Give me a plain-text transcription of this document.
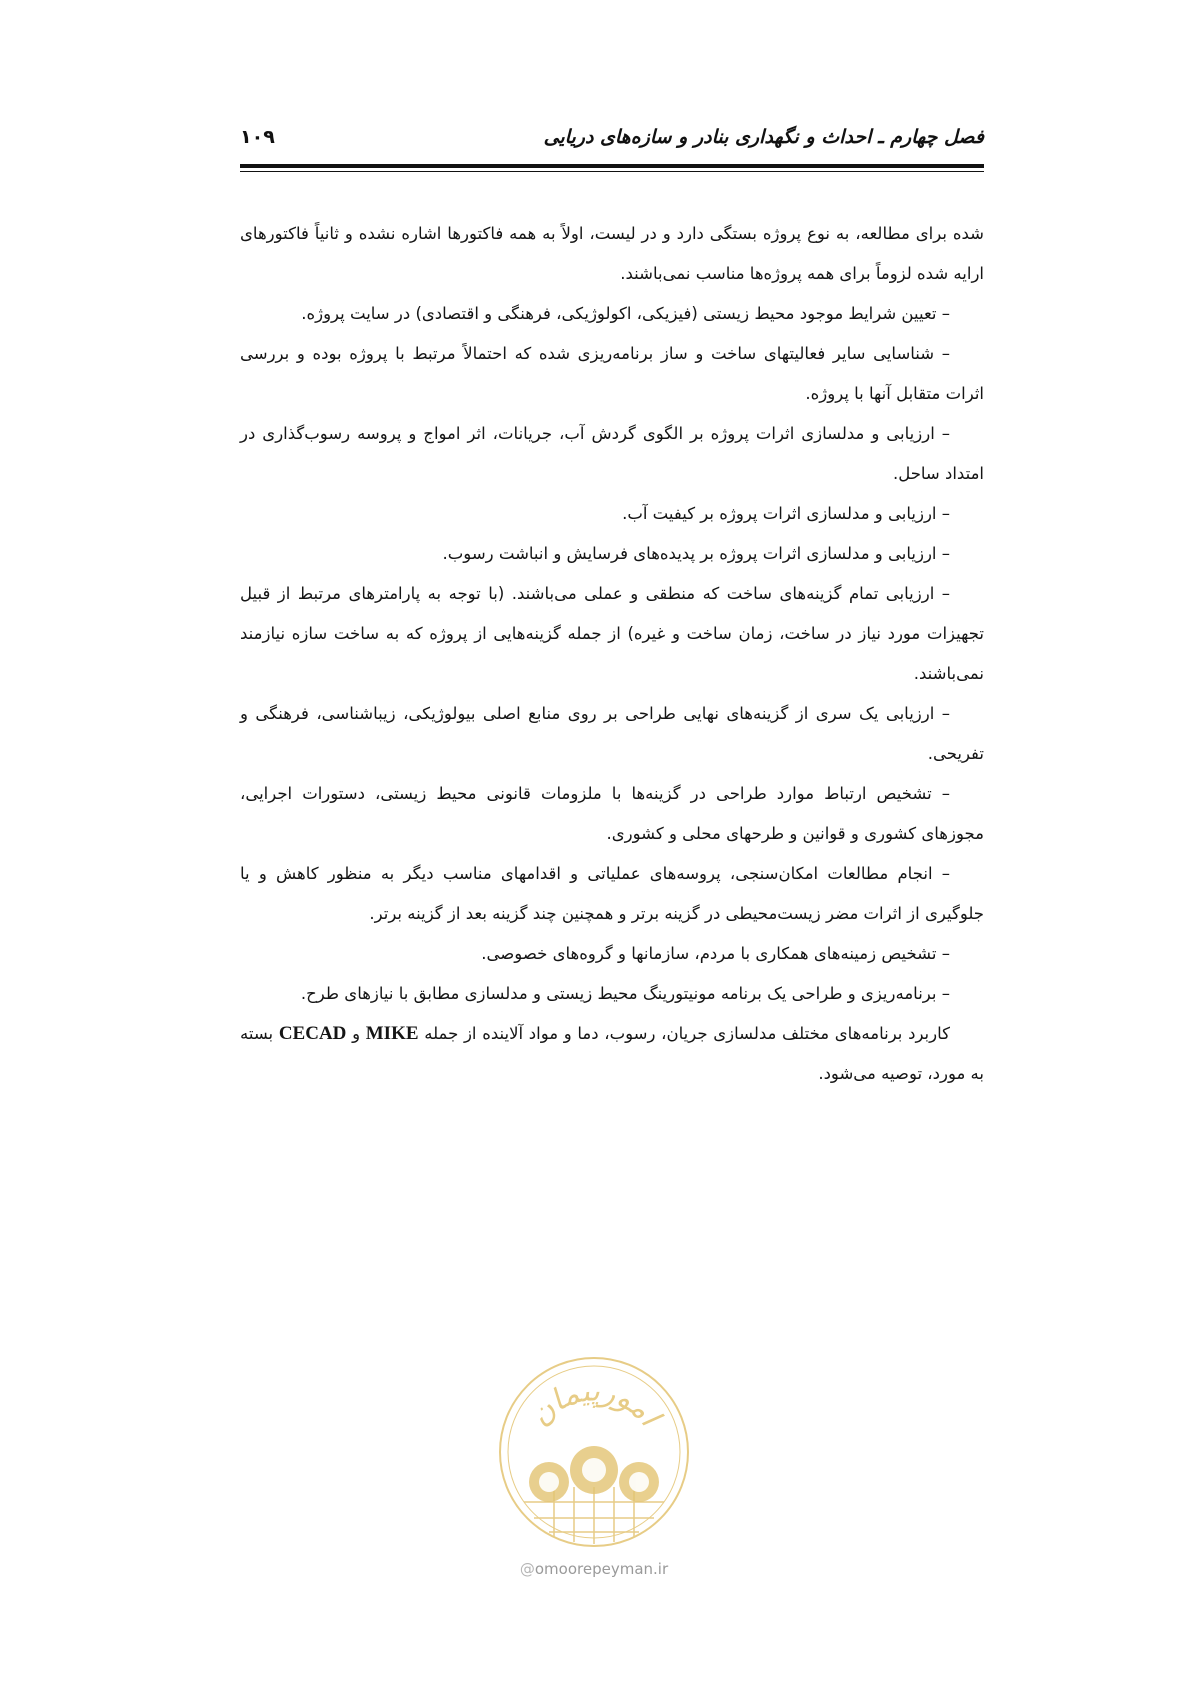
فصل چهارم ـ احداث و نگهداری بنادر و سازه‌های دریایی
۱۰۹

شده برای مطالعه، به نوع پروژه بستگی دارد و در لیست، اولاً به همه فاکتورها اشاره نشده و ثانیاً فاکتورهای ارایه شده لزوماً برای همه پروژه‌ها مناسب نمی‌باشند.

– تعیین شرایط موجود محیط زیستی (فیزیکی، اکولوژیکی، فرهنگی و اقتصادی) در سایت پروژه.

– شناسایی سایر فعالیتهای ساخت و ساز برنامه‌ریزی شده که احتمالاً مرتبط با پروژه بوده و بررسی اثرات متقابل آنها با پروژه.

– ارزیابی و مدلسازی اثرات پروژه بر الگوی گردش آب، جریانات، اثر امواج و پروسه رسوب‌گذاری در امتداد ساحل.

– ارزیابی و مدلسازی اثرات پروژه بر کیفیت آب.

– ارزیابی و مدلسازی اثرات پروژه بر پدیده‌های فرسایش و انباشت رسوب.

– ارزیابی تمام گزینه‌های ساخت که منطقی و عملی می‌باشند. (با توجه به پارامترهای مرتبط از قبیل تجهیزات مورد نیاز در ساخت، زمان ساخت و غیره) از جمله گزینه‌هایی از پروژه که به ساخت سازه نیازمند نمی‌باشند.

– ارزیابی یک سری از گزینه‌های نهایی طراحی بر روی منابع اصلی بیولوژیکی، زیباشناسی، فرهنگی و تفریحی.

– تشخیص ارتباط موارد طراحی در گزینه‌ها با ملزومات قانونی محیط زیستی، دستورات اجرایی، مجوزهای کشوری و قوانین و طرحهای محلی و کشوری.

– انجام مطالعات امکان‌سنجی، پروسه‌های عملیاتی و اقدامهای مناسب دیگر به منظور کاهش و یا جلوگیری از اثرات مضر زیست‌محیطی در گزینه برتر و همچنین چند گزینه بعد از گزینه برتر.

– تشخیص زمینه‌های همکاری با مردم، سازمانها و گروه‌های خصوصی.

– برنامه‌ریزی و طراحی یک برنامه مونیتورینگ محیط زیستی و مدلسازی مطابق با نیازهای طرح.

کاربرد برنامه‌های مختلف مدلسازی جریان، رسوب، دما و مواد آلاینده از جمله MIKE و CECAD بسته به مورد، توصیه می‌شود.

امورپیمان
@omoorepeyman.ir
